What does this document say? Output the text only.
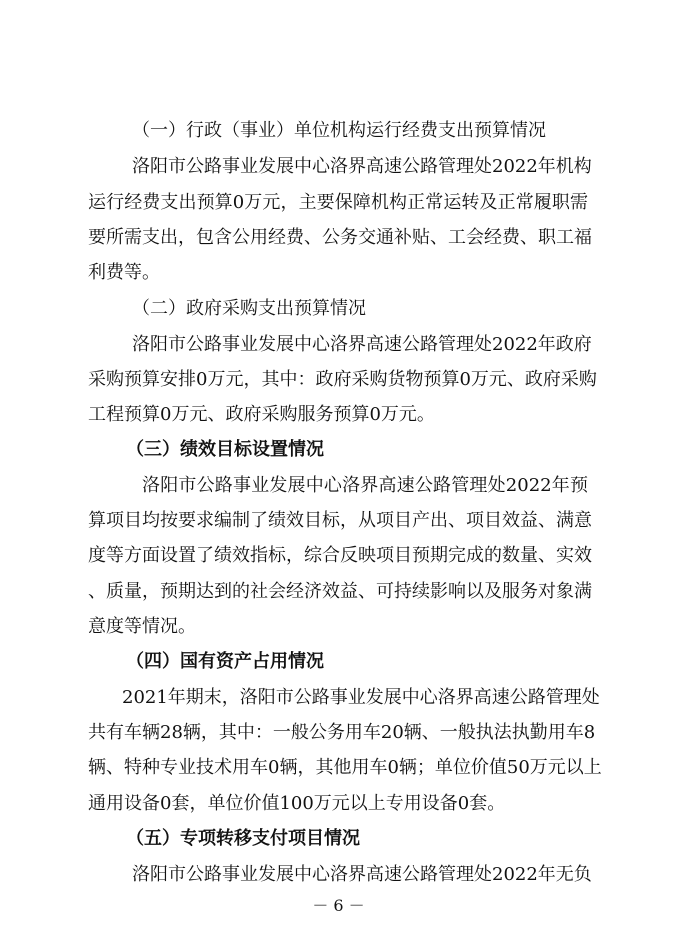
（一）行政（事业）单位机构运行经费支出预算情况
洛阳市公路事业发展中心洛界高速公路管理处2022年机构
运行经费支出预算0万元，主要保障机构正常运转及正常履职需
要所需支出，包含公用经费、公务交通补贴、工会经费、职工福
利费等。
（二）政府采购支出预算情况
洛阳市公路事业发展中心洛界高速公路管理处2022年政府
采购预算安排0万元，其中：政府采购货物预算0万元、政府采购
工程预算0万元、政府采购服务预算0万元。
（三）绩效目标设置情况
洛阳市公路事业发展中心洛界高速公路管理处2022年预
算项目均按要求编制了绩效目标，从项目产出、项目效益、满意
度等方面设置了绩效指标，综合反映项目预期完成的数量、实效
、质量，预期达到的社会经济效益、可持续影响以及服务对象满
意度等情况。
（四）国有资产占用情况
2021年期末，洛阳市公路事业发展中心洛界高速公路管理处
共有车辆28辆，其中：一般公务用车20辆、一般执法执勤用车8
辆、特种专业技术用车0辆，其他用车0辆；单位价值50万元以上
通用设备0套，单位价值100万元以上专用设备0套。
（五）专项转移支付项目情况
洛阳市公路事业发展中心洛界高速公路管理处2022年无负
－ 6 －
